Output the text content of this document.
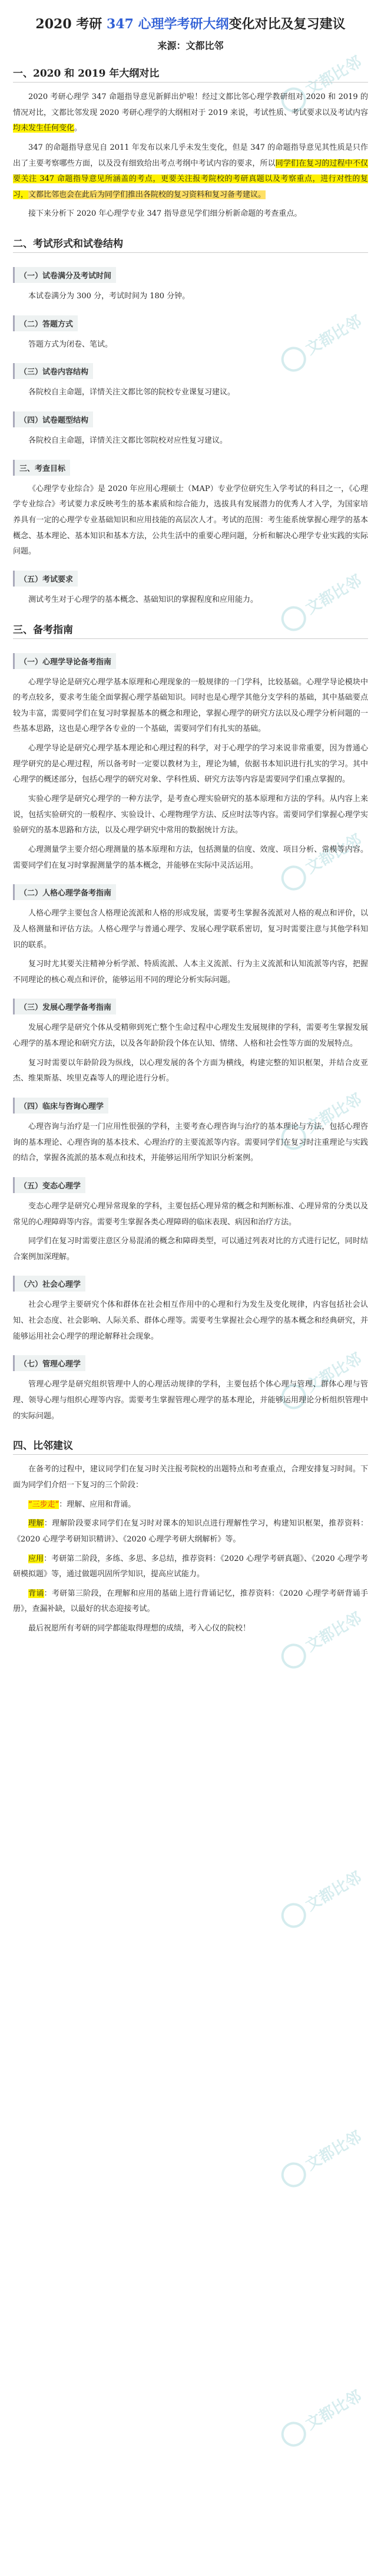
文都比邻
文都比邻
文都比邻
文都比邻
文都比邻
文都比邻
文都比邻
文都比邻
文都比邻
文都比邻
2020 考研 347 心理学考研大纲变化对比及复习建议
来源：文都比邻
一、2020 和 2019 年大纲对比

2020 考研心理学 347 命题指导意见新鲜出炉啦！经过文都比邻心理学教研组对 2020 和 2019 的情况对比，文都比邻发现 2020 考研心理学的大纲相对于 2019 来说，考试性质、考试要求以及考试内容均未发生任何变化。

347 的命题指导意见自 2011 年发布以来几乎未发生变化，但是 347 的命题指导意见其性质是只作出了主要考察哪些方面，以及没有细致给出考点考纲中考试内容的要求，所以同学们在复习的过程中不仅要关注 347 命题指导意见所涵盖的考点，更要关注报考院校的考研真题以及考察重点，进行对性的复习，文都比邻也会在此后为同学们推出各院校的复习资料和复习备考建议。

接下来分析下 2020 年心理学专业 347 指导意见学们细分析新命题的考查重点。

二、考试形式和试卷结构
（一）试卷满分及考试时间

本试卷满分为 300 分，考试时间为 180 分钟。

（二）答题方式

答题方式为闭卷、笔试。

（三）试卷内容结构

各院校自主命题，详情关注文都比邻的院校专业课复习建议。

（四）试卷题型结构

各院校自主命题，详情关注文都比邻院校对应性复习建议。

三、考查目标

《心理学专业综合》是 2020 年应用心理硕士（MAP）专业学位研究生入学考试的科目之一，《心理学专业综合》考试要力求反映考生的基本素质和综合能力，选拔具有发展潜力的优秀人才入学，为国家培养具有一定的心理学专业基础知识和应用技能的高层次人才。考试的范围：考生能系统掌握心理学的基本概念、基本理论、基本知识和基本方法，公共生活中的重要心理问题，分析和解决心理学专业实践的实际问题。

（五）考试要求

测试考生对于心理学的基本概念、基础知识的掌握程度和应用能力。

三、备考指南
（一）心理学导论备考指南

心理学导论是研究心理学基本原理和心理现象的一般规律的一门学科，比较基础。心理学导论模块中的考点较多，要求考生能全面掌握心理学基础知识。同时也是心理学其他分支学科的基础，其中基础要点较为丰富，需要同学们在复习时掌握基本的概念和理论，掌握心理学的研究方法以及心理学分析问题的一些基本思路，这也是心理学各专业的一个基础，需要同学们有扎实的基础。

心理学导论是研究心理学基本理论和心理过程的科学，对于心理学的学习来说非常重要，因为普通心理学研究的是心理过程，所以备考时一定要以教材为主，理论为辅，依据书本知识进行扎实的学习。其中心理学的概述部分，包括心理学的研究对象、学科性质、研究方法等内容是需要同学们重点掌握的。

实验心理学是研究心理学的一种方法学，是考查心理实验研究的基本原理和方法的学科。从内容上来说，包括实验研究的一般程序、实验设计、心理物理学方法、反应时法等内容。需要同学们掌握心理学实验研究的基本思路和方法，以及心理学研究中常用的数据统计方法。

心理测量学主要介绍心理测量的基本原理和方法，包括测量的信度、效度、项目分析、常模等内容。需要同学们在复习时掌握测量学的基本概念，并能够在实际中灵活运用。

（二）人格心理学备考指南

人格心理学主要包含人格理论流派和人格的形成发展，需要考生掌握各流派对人格的观点和评价，以及人格测量和评估方法。人格心理学与普通心理学、发展心理学联系密切，复习时需要注意与其他学科知识的联系。

复习时尤其要关注精神分析学派、特质流派、人本主义流派、行为主义流派和认知流派等内容，把握不同理论的核心观点和评价，能够运用不同的理论分析实际问题。

（三）发展心理学备考指南

发展心理学是研究个体从受精卵到死亡整个生命过程中心理发生发展规律的学科，需要考生掌握发展心理学的基本理论和研究方法，以及各年龄阶段个体在认知、情绪、人格和社会性等方面的发展特点。

复习时需要以年龄阶段为纵线，以心理发展的各个方面为横线，构建完整的知识框架，并结合皮亚杰、维果斯基、埃里克森等人的理论进行分析。

（四）临床与咨询心理学

心理咨询与治疗是一门应用性很强的学科，主要考查心理咨询与治疗的基本理论与方法，包括心理咨询的基本理论、心理咨询的基本技术、心理治疗的主要流派等内容。需要同学们在复习时注重理论与实践的结合，掌握各流派的基本观点和技术，并能够运用所学知识分析案例。

（五）变态心理学

变态心理学是研究心理异常现象的学科，主要包括心理异常的概念和判断标准、心理异常的分类以及常见的心理障碍等内容。需要考生掌握各类心理障碍的临床表现、病因和治疗方法。

同学们在复习时需要注意区分易混淆的概念和障碍类型，可以通过列表对比的方式进行记忆，同时结合案例加深理解。

（六）社会心理学

社会心理学主要研究个体和群体在社会相互作用中的心理和行为发生及变化规律，内容包括社会认知、社会态度、社会影响、人际关系、群体心理等。需要考生掌握社会心理学的基本概念和经典研究，并能够运用社会心理学的理论解释社会现象。

（七）管理心理学

管理心理学是研究组织管理中人的心理活动规律的学科，主要包括个体心理与管理、群体心理与管理、领导心理与组织心理等内容。需要考生掌握管理心理学的基本理论，并能够运用理论分析组织管理中的实际问题。

四、比邻建议

在备考的过程中，建议同学们在复习时关注报考院校的出题特点和考查重点，合理安排复习时间。下面为同学们介绍一下复习的三个阶段：

“三步走”：理解、应用和背诵。

理解：理解阶段要求同学们在复习时对课本的知识点进行理解性学习，构建知识框架，推荐资料：《2020 心理学考研知识精讲》、《2020 心理学考研大纲解析》等。

应用：考研第二阶段，多练、多思、多总结，推荐资料：《2020 心理学考研真题》、《2020 心理学考研模拟题》等，通过做题巩固所学知识，提高应试能力。

背诵：考研第三阶段，在理解和应用的基础上进行背诵记忆，推荐资料：《2020 心理学考研背诵手册》，查漏补缺，以最好的状态迎接考试。

最后祝愿所有考研的同学都能取得理想的成绩，考入心仪的院校！
